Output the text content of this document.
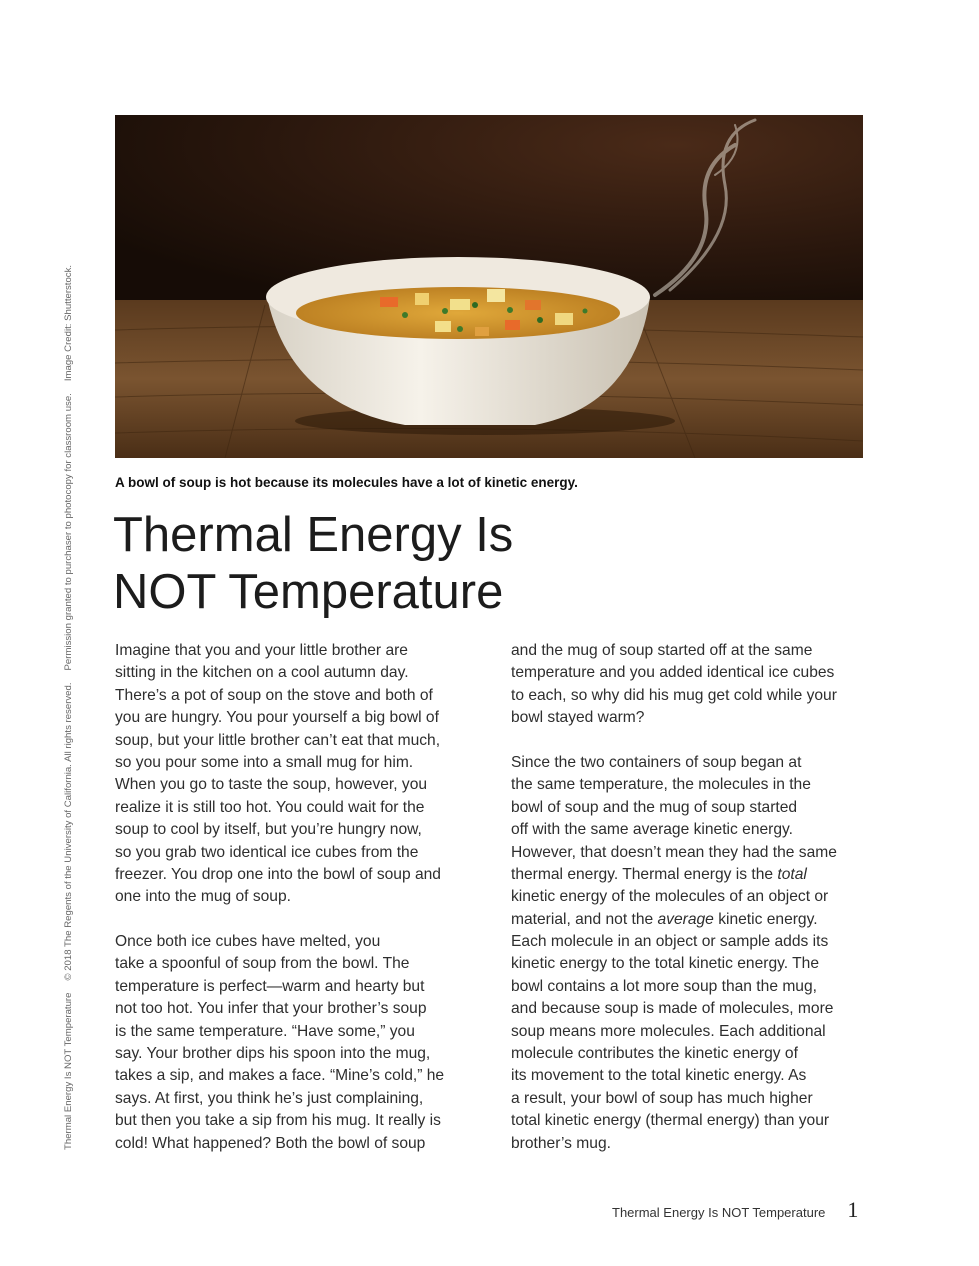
Thermal Energy Is NOT Temperature
© 2018 The Regents of the University of California. All rights reserved.
Permission granted to purchaser to photocopy for classroom use.
Image Credit: Shutterstock.
A bowl of soup is hot because its molecules have a lot of kinetic energy.
Thermal Energy Is
NOT Temperature
Imagine that you and your little brother are
sitting in the kitchen on a cool autumn day.
There’s a pot of soup on the stove and both of
you are hungry. You pour yourself a big bowl of
soup, but your little brother can’t eat that much,
so you pour some into a small mug for him.
When you go to taste the soup, however, you
realize it is still too hot. You could wait for the
soup to cool by itself, but you’re hungry now,
so you grab two identical ice cubes from the
freezer. You drop one into the bowl of soup and
one into the mug of soup.
Once both ice cubes have melted, you
take a spoonful of soup from the bowl. The
temperature is perfect—warm and hearty but
not too hot. You infer that your brother’s soup
is the same temperature. “Have some,” you
say. Your brother dips his spoon into the mug,
takes a sip, and makes a face. “Mine’s cold,” he
says. At first, you think he’s just complaining,
but then you take a sip from his mug. It really is
cold! What happened? Both the bowl of soup
and the mug of soup started off at the same
temperature and you added identical ice cubes
to each, so why did his mug get cold while your
bowl stayed warm?
Since the two containers of soup began at
the same temperature, the molecules in the
bowl of soup and the mug of soup started
off with the same average kinetic energy.
However, that doesn’t mean they had the same
thermal energy. Thermal energy is the total
kinetic energy of the molecules of an object or
material, and not the average kinetic energy.
Each molecule in an object or sample adds its
kinetic energy to the total kinetic energy. The
bowl contains a lot more soup than the mug,
and because soup is made of molecules, more
soup means more molecules. Each additional
molecule contributes the kinetic energy of
its movement to the total kinetic energy. As
a result, your bowl of soup has much higher
total kinetic energy (thermal energy) than your
brother’s mug.
Thermal Energy Is NOT Temperature 1
